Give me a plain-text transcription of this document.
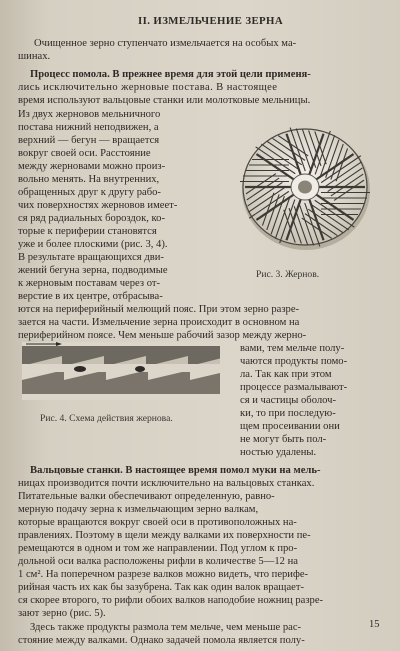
II. ИЗМЕЛЬЧЕНИЕ ЗЕРНА
Очищенное зерно ступенчато измельчается на особых ма-
шинах.
Процесс помола. В прежнее время для этой цели применя-
лись исключительно жерновые постава. В настоящее
время используют вальцовые станки или молотковые мельницы.
Из двух жерновов мельничного
постава нижний неподвижен, а
верхний — бегун — вращается
вокруг своей оси. Расстояние
между жерновами можно произ-
вольно менять. На внутренних,
обращенных друг к другу рабо-
чих поверхностях жерновов имеет-
ся ряд радиальных бороздок, ко-
торые к периферии становятся
уже и более плоскими (рис. 3, 4).
В результате вращающихся дви-
жений бегуна зерна, подводимые
к жерновым поставам через от-
верстие в их центре, отбрасыва-
ются на периферийный мелющий пояс. При этом зерно разре-
зается на части. Измельчение зерна происходит в основном на
периферийном поясе. Чем меньше рабочий зазор между жерно-
вами, тем мельче полу-
чаются продукты помо-
ла. Так как при этом
процессе размалывают-
ся и частицы оболоч-
ки, то при последую-
щем просеивании они
не могут быть пол-
ностью удалены.
Вальцовые станки. В настоящее время помол муки на мель-
ницах производится почти исключительно на вальцовых станках.
Питательные валки обеспечивают определенную, равно-
мерную подачу зерна к измельчающим зерно валкам,
которые вращаются вокруг своей оси в противоположных на-
правлениях. Поэтому в щели между валками их поверхности пе-
ремещаются в одном и том же направлении. Под углом к про-
дольной оси валка расположены рифли в количестве 5—12 на
1 см². На поперечном разрезе валков можно видеть, что перифе-
рийная часть их как бы зазубрена. Так как один валок вращает-
ся скорее второго, то рифли обоих валков наподобие ножниц разре-
зают зерно (рис. 5).
Здесь также продукты размола тем мельче, чем меньше рас-
стояние между валками. Однако задачей помола является полу-
Рис. 3. Жернов.
Рис. 4. Схема действия жернова.
15
